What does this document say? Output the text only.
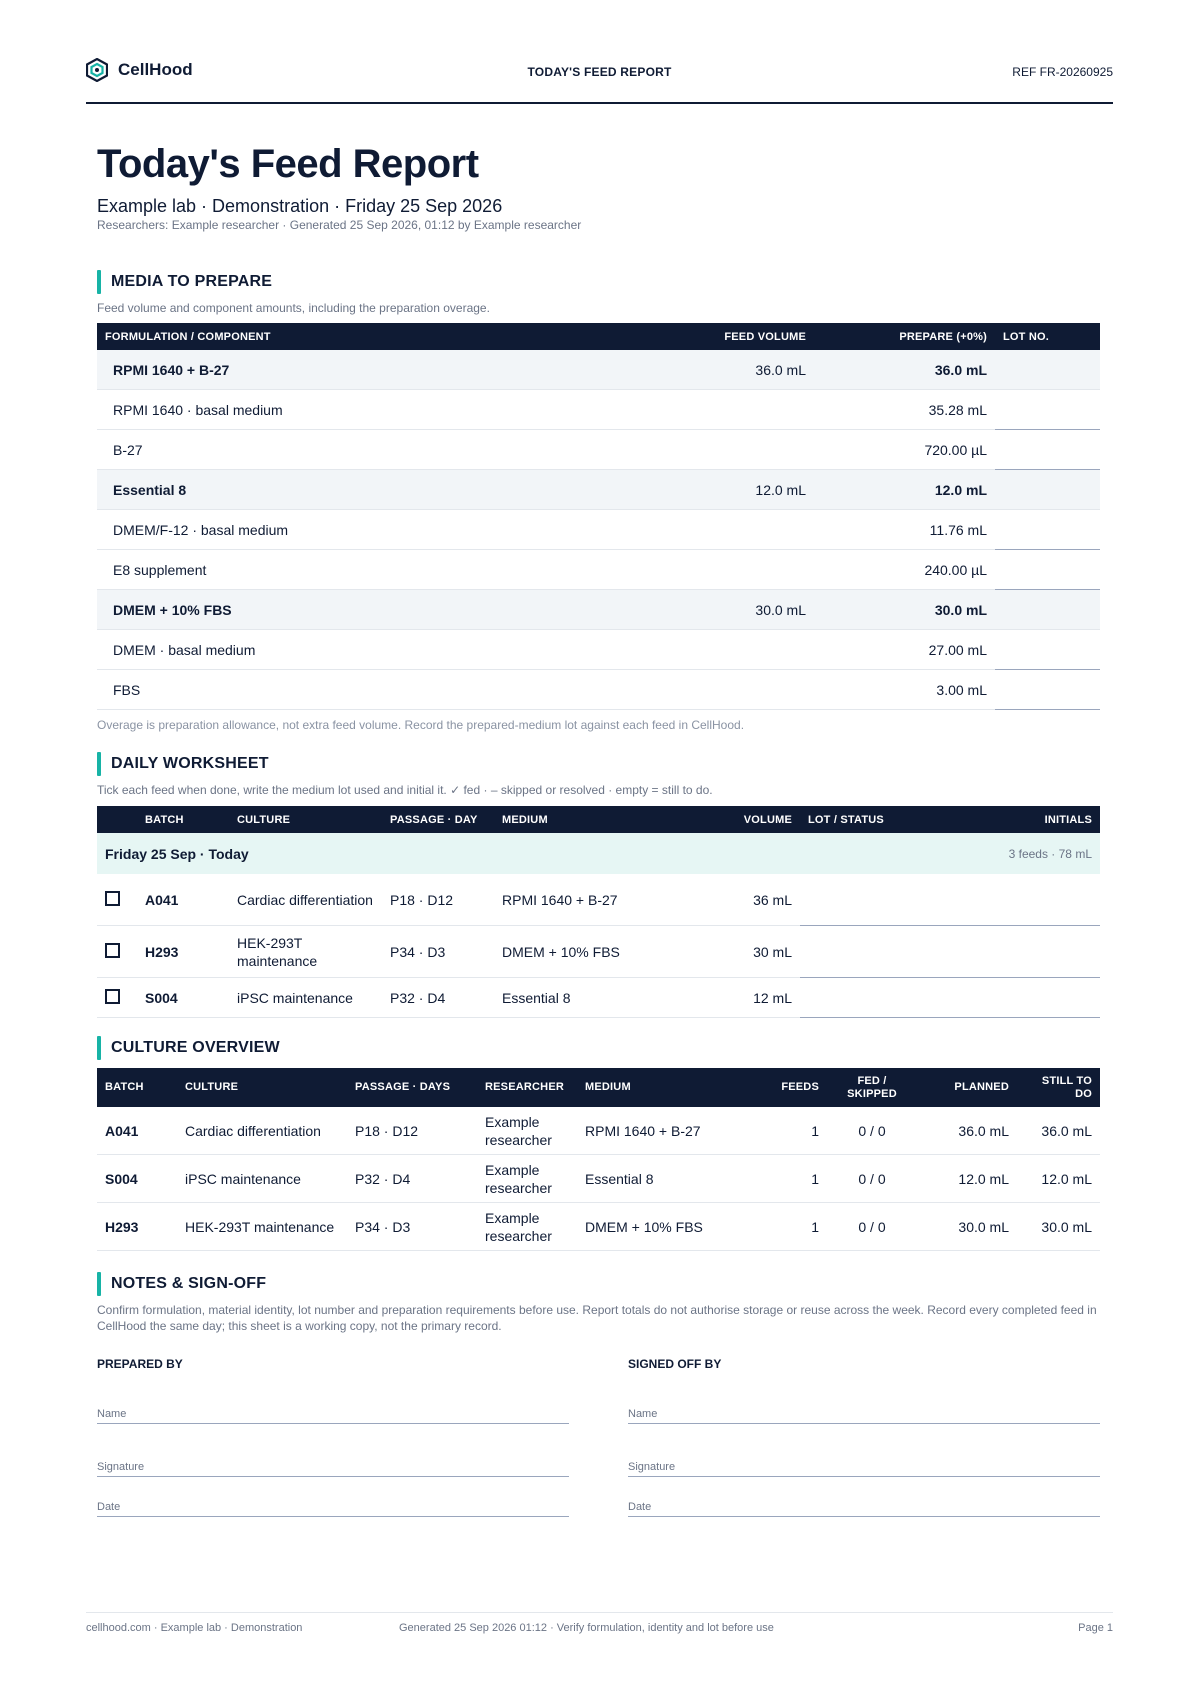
CellHood	TODAY'S FEED REPORT	REF FR-20260925
Today's Feed Report
Example lab · Demonstration · Friday 25 Sep 2026
Researchers: Example researcher · Generated 25 Sep 2026, 01:12 by Example researcher
MEDIA TO PREPARE
Feed volume and component amounts, including the preparation overage.
FORMULATION / COMPONENT	FEED VOLUME	PREPARE (+0%)	LOT NO.
RPMI 1640 + B-27	36.0 mL	36.0 mL	
RPMI 1640 · basal medium		35.28 mL	
B-27		720.00 µL	
Essential 8	12.0 mL	12.0 mL	
DMEM/F-12 · basal medium		11.76 mL	
E8 supplement		240.00 µL	
DMEM + 10% FBS	30.0 mL	30.0 mL	
DMEM · basal medium		27.00 mL	
FBS		3.00 mL	
Overage is preparation allowance, not extra feed volume. Record the prepared-medium lot against each feed in CellHood.
DAILY WORKSHEET
Tick each feed when done, write the medium lot used and initial it. ✓ fed · – skipped or resolved · empty = still to do.
	BATCH	CULTURE	PASSAGE · DAY	MEDIUM	VOLUME	LOT / STATUS	INITIALS
Friday 25 Sep · Today						3 feeds · 78 mL	
	A041	Cardiac differentiation	P18 · D12	RPMI 1640 + B-27	36 mL		
	H293	HEK-293T maintenance	P34 · D3	DMEM + 10% FBS	30 mL		
	S004	iPSC maintenance	P32 · D4	Essential 8	12 mL		
CULTURE OVERVIEW
BATCH	CULTURE	PASSAGE · DAYS	RESEARCHER	MEDIUM	FEEDS	FED / SKIPPED	PLANNED	STILL TO DO
A041	Cardiac differentiation	P18 · D12	Example researcher	RPMI 1640 + B-27	1	0 / 0	36.0 mL	36.0 mL
S004	iPSC maintenance	P32 · D4	Example researcher	Essential 8	1	0 / 0	12.0 mL	12.0 mL
H293	HEK-293T maintenance	P34 · D3	Example researcher	DMEM + 10% FBS	1	0 / 0	30.0 mL	30.0 mL
NOTES & SIGN-OFF
Confirm formulation, material identity, lot number and preparation requirements before use. Report totals do not authorise storage or reuse across the week. Record every completed feed in CellHood the same day; this sheet is a working copy, not the primary record.
PREPARED BY
Name
Signature
Date
SIGNED OFF BY
Name
Signature
Date
cellhood.com · Example lab · Demonstration	Generated 25 Sep 2026 01:12 · Verify formulation, identity and lot before use	Page 1
